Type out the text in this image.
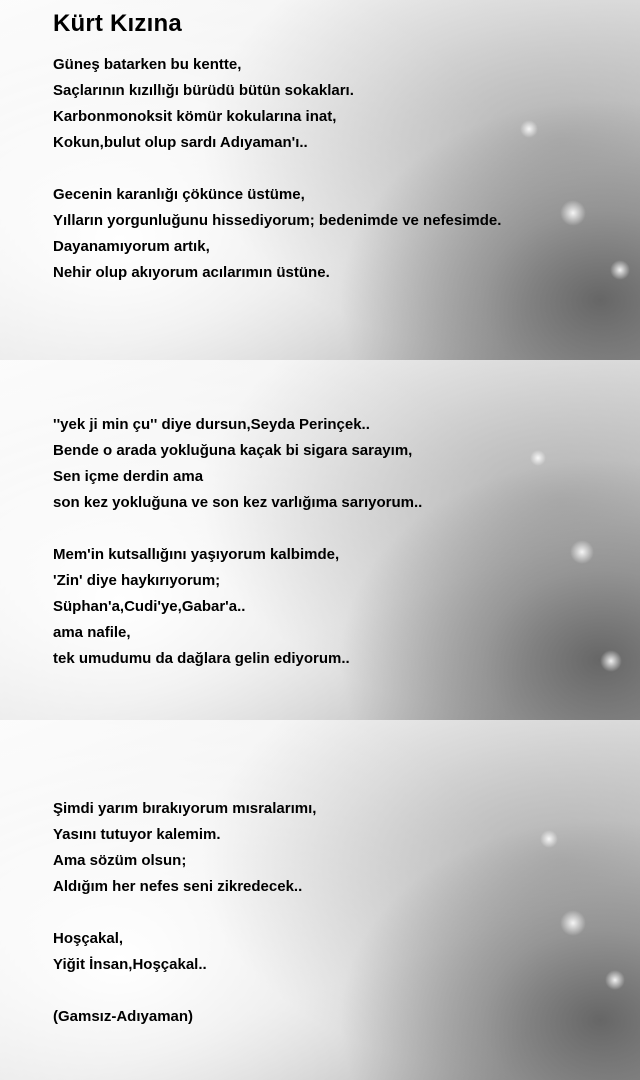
Kürt Kızına
Güneş batarken bu kentte,
Saçlarının kızıllığı bürüdü bütün sokakları.
Karbonmonoksit kömür kokularına inat,
Kokun,bulut olup sardı Adıyaman'ı..
Gecenin karanlığı çökünce üstüme,
Yılların yorgunluğunu hissediyorum; bedenimde ve nefesimde.
Dayanamıyorum artık,
Nehir olup akıyorum acılarımın üstüne.
''yek ji min çu'' diye dursun,Seyda Perinçek..
Bende o arada yokluğuna kaçak bi sigara sarayım,
Sen içme derdin ama
son kez yokluğuna ve son kez varlığıma sarıyorum..
Mem'in kutsallığını yaşıyorum kalbimde,
'Zin' diye haykırıyorum;
Süphan'a,Cudi'ye,Gabar'a..
ama nafile,
tek umudumu da dağlara gelin ediyorum..
Şimdi yarım bırakıyorum mısralarımı,
Yasını tutuyor kalemim.
Ama sözüm olsun;
Aldığım her nefes seni zikredecek..
Hoşçakal,
Yiğit İnsan,Hoşçakal..
(Gamsız-Adıyaman)
